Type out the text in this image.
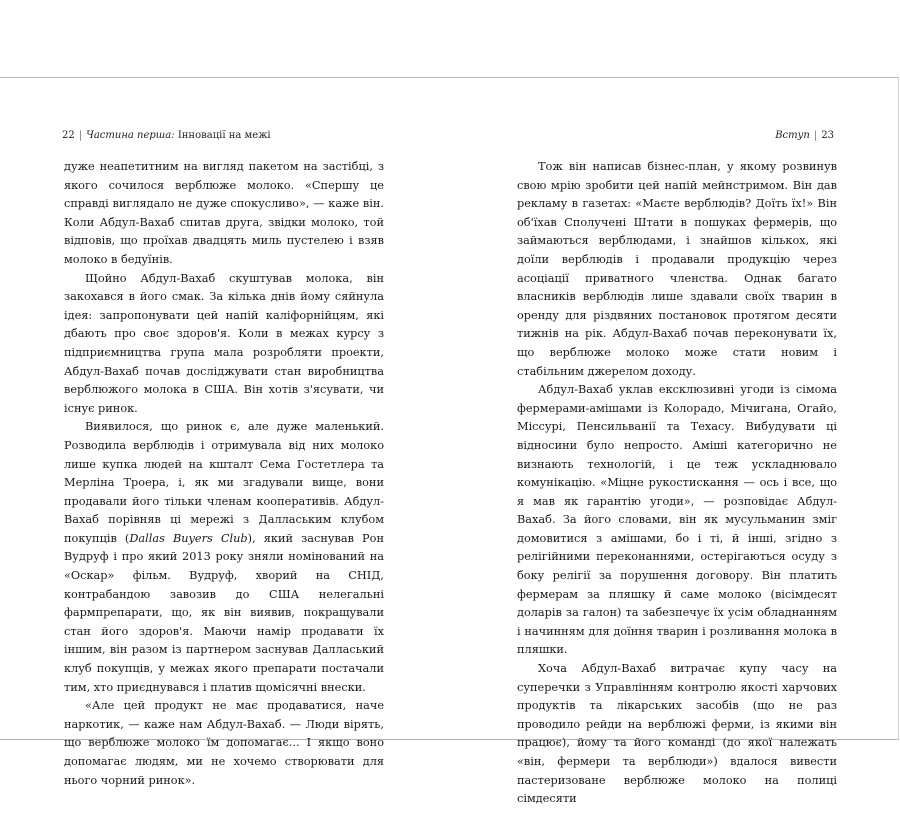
22 | Частина перша: Інновації на межі	Вступ | 23

дуже неапетитним на вигляд пакетом на застібці, з якого сочилося верблюже молоко. «Спершу це справді виглядало не дуже спокусливо», — каже він. Коли Абдул-Вахаб спитав друга, звідки молоко, той відповів, що проїхав двадцять миль пустелею і взяв молоко в бедуїнів.

Щойно Абдул-Вахаб скуштував молока, він закохався в його смак. За кілька днів йому сяйнула ідея: запропонувати цей напій каліфорнійцям, які дбають про своє здоров'я. Коли в межах курсу з підприємництва група мала розробляти проекти, Абдул-Вахаб почав досліджувати стан виробництва верблюжого молока в США. Він хотів з'ясувати, чи існує ринок.

Виявилося, що ринок є, але дуже маленький. Розводила верблюдів і отримувала від них молоко лише купка людей на кшталт Сема Гостетлера та Мерліна Троера, і, як ми згадували вище, вони продавали його тільки членам кооперативів. Абдул-Вахаб порівняв ці мережі з Даллаським клубом покупців (Dallas Buyers Club), який заснував Рон Вудруф і про який 2013 року зняли номінований на «Оскар» фільм. Вудруф, хворий на СНІД, контрабандою завозив до США нелегальні фармпрепарати, що, як він виявив, покращували стан його здоров'я. Маючи намір продавати їх іншим, він разом із партнером заснував Далласький клуб покупців, у межах якого препарати постачали тим, хто приєднувався і платив щомісячні внески.

«Але цей продукт не має продаватися, наче наркотик, — каже нам Абдул-Вахаб. — Люди вірять, що верблюже молоко їм допомагає... І якщо воно допомагає людям, ми не хочемо створювати для нього чорний ринок».

Тож він написав бізнес-план, у якому розвинув свою мрію зробити цей напій мейнстримом. Він дав рекламу в газетах: «Маєте верблюдів? Доїть їх!» Він об'їхав Сполучені Штати в пошуках фермерів, що займаються верблюдами, і знайшов кількох, які доїли верблюдів і продавали продукцію через асоціації приватного членства. Однак багато власників верблюдів лише здавали своїх тварин в оренду для різдвяних постановок протягом десяти тижнів на рік. Абдул-Вахаб почав переконувати їх, що верблюже молоко може стати новим і стабільним джерелом доходу.

Абдул-Вахаб уклав ексклюзивні угоди із сімома фермерами-амішами із Колорадо, Мічигана, Огайо, Міссурі, Пенсильванії та Техасу. Вибудувати ці відносини було непросто. Аміші категорично не визнають технологій, і це теж ускладнювало комунікацію. «Міцне рукостискання — ось і все, що я мав як гарантію угоди», — розповідає Абдул-Вахаб. За його словами, він як мусульманин зміг домовитися з амішами, бо і ті, й інші, згідно з релігійними переконаннями, остерігаються осуду з боку релігії за порушення договору. Він платить фермерам за пляшку й саме молоко (вісімдесят доларів за галон) та забезпечує їх усім обладнанням і начинням для доїння тварин і розливання молока в пляшки.

Хоча Абдул-Вахаб витрачає купу часу на суперечки з Управлінням контролю якості харчових продуктів та лікарських засобів (що не раз проводило рейди на верблюжі ферми, із якими він працює), йому та його команді (до якої належать «він, фермери та верблюди») вдалося вивести пастеризоване верблюже молоко на полиці сімдесяти
